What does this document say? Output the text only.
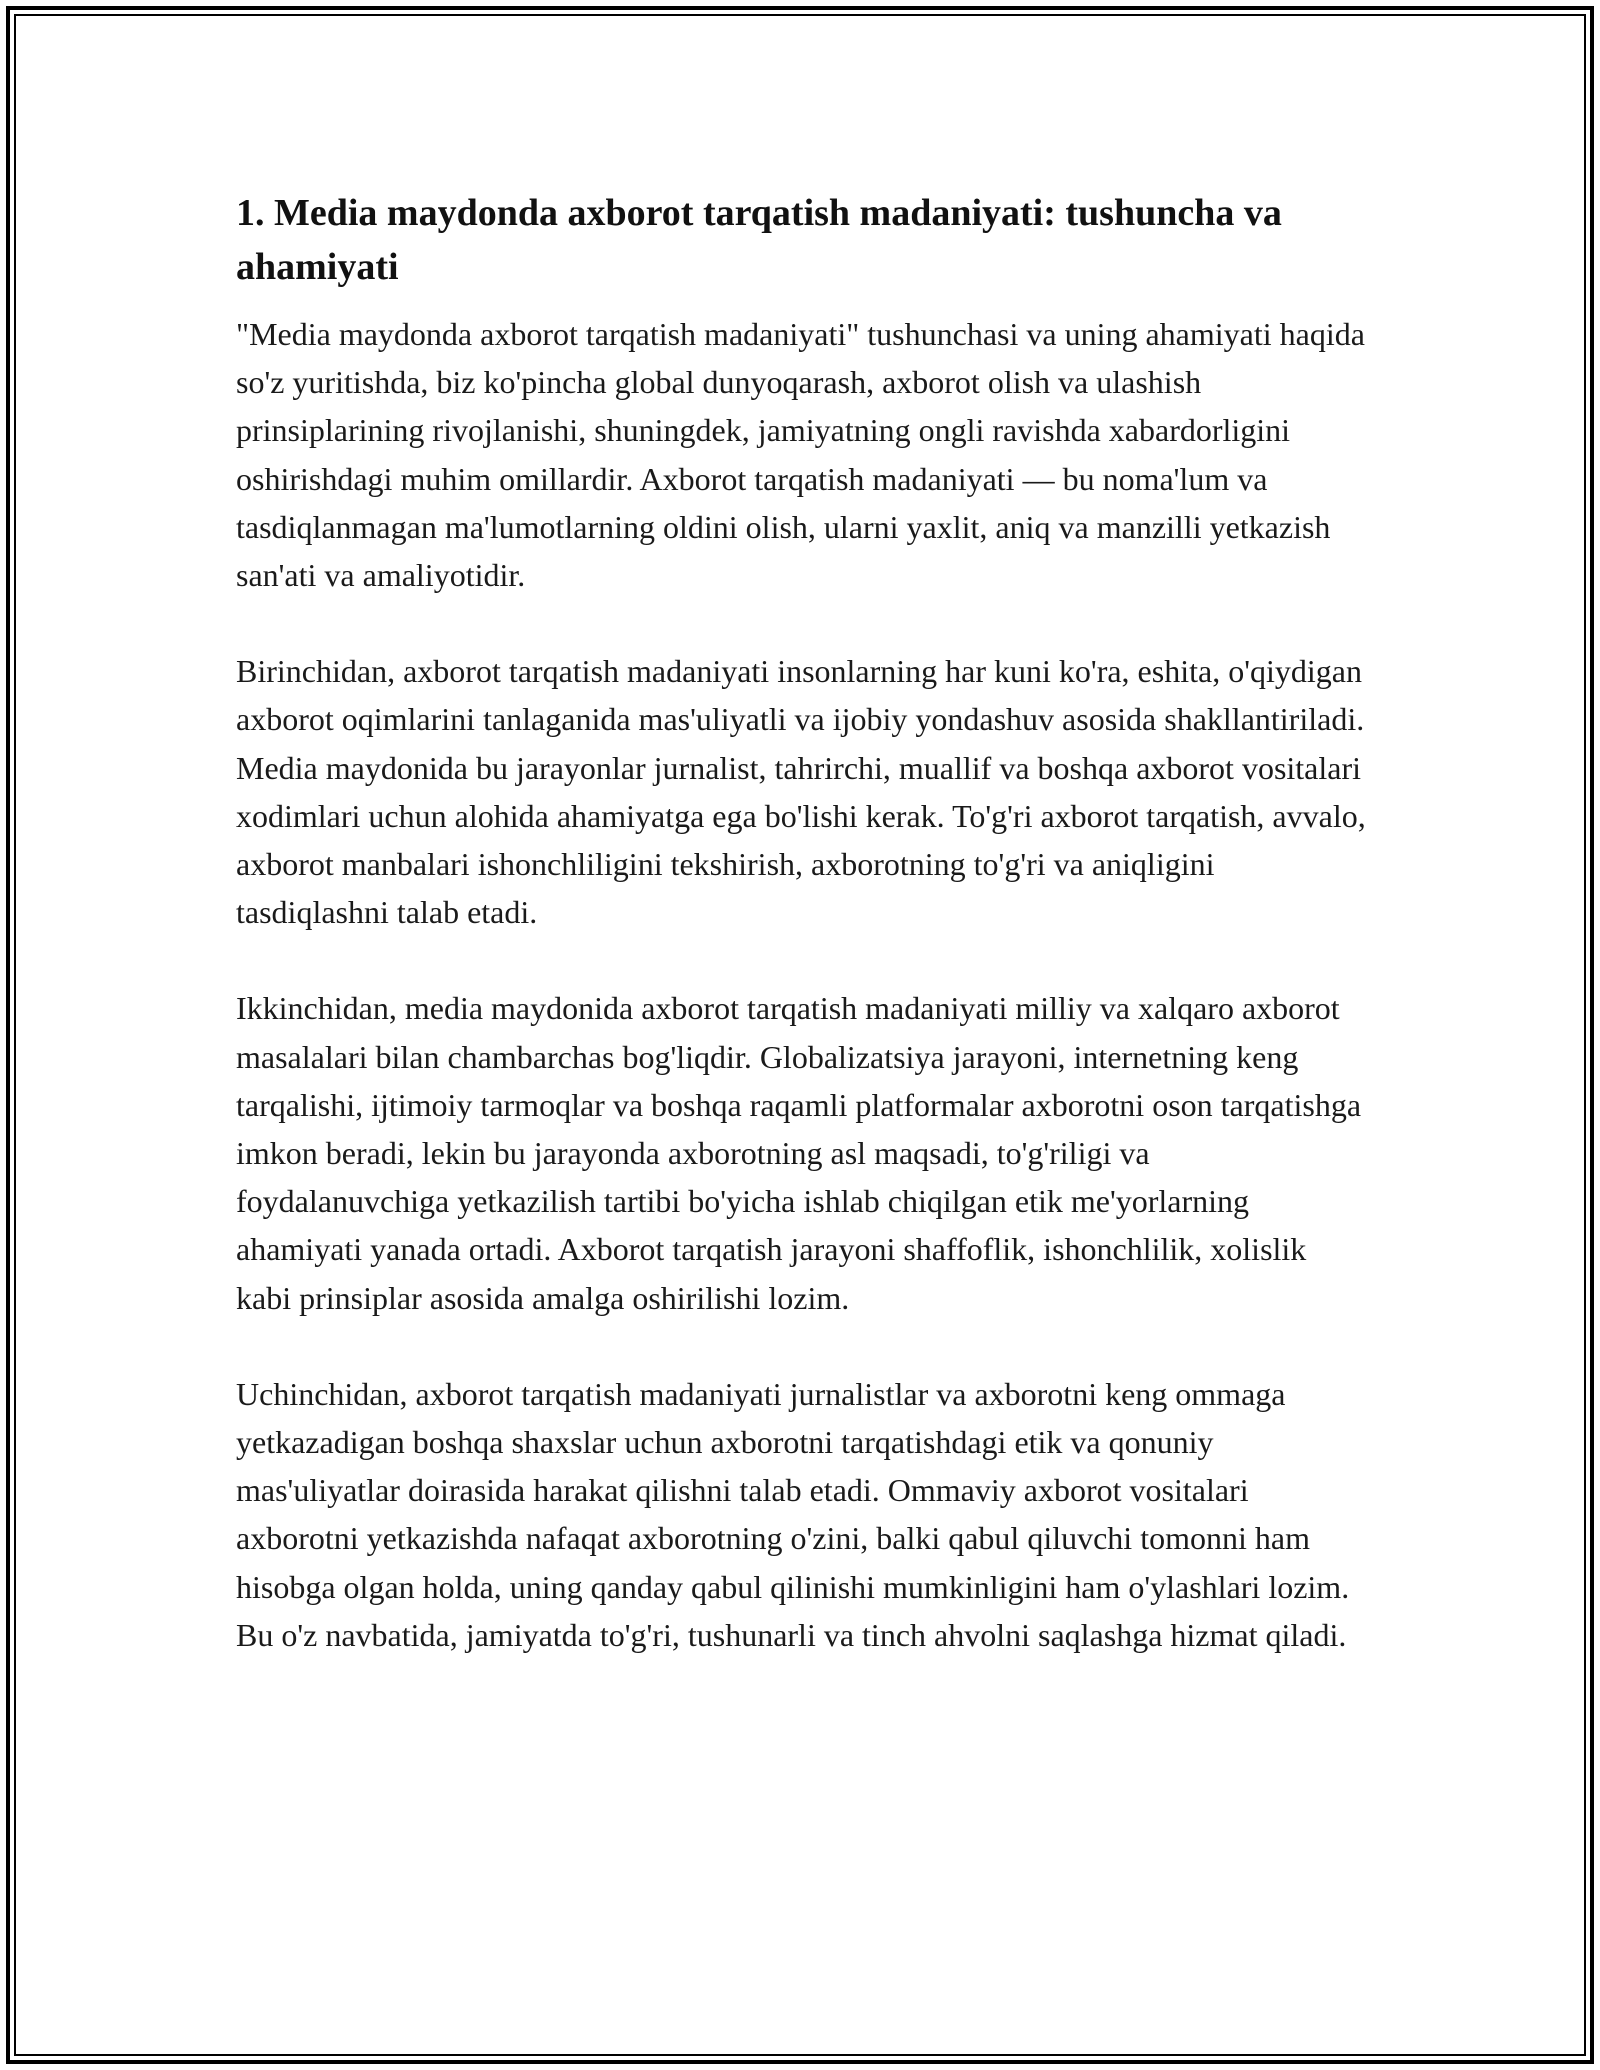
1. Media maydonda axborot tarqatish madaniyati: tushuncha va ahamiyati

"Media maydonda axborot tarqatish madaniyati" tushunchasi va uning ahamiyati haqida so'z yuritishda, biz ko'pincha global dunyoqarash, axborot olish va ulashish prinsiplarining rivojlanishi, shuningdek, jamiyatning ongli ravishda xabardorligini oshirishdagi muhim omillardir. Axborot tarqatish madaniyati — bu noma'lum va tasdiqlanmagan ma'lumotlarning oldini olish, ularni yaxlit, aniq va manzilli yetkazish san'ati va amaliyotidir.

Birinchidan, axborot tarqatish madaniyati insonlarning har kuni ko'ra, eshita, o'qiydigan axborot oqimlarini tanlaganida mas'uliyatli va ijobiy yondashuv asosida shakllantiriladi. Media maydonida bu jarayonlar jurnalist, tahrirchi, muallif va boshqa axborot vositalari xodimlari uchun alohida ahamiyatga ega bo'lishi kerak. To'g'ri axborot tarqatish, avvalo, axborot manbalari ishonchliligini tekshirish, axborotning to'g'ri va aniqligini tasdiqlashni talab etadi.

Ikkinchidan, media maydonida axborot tarqatish madaniyati milliy va xalqaro axborot masalalari bilan chambarchas bog'liqdir. Globalizatsiya jarayoni, internetning keng tarqalishi, ijtimoiy tarmoqlar va boshqa raqamli platformalar axborotni oson tarqatishga imkon beradi, lekin bu jarayonda axborotning asl maqsadi, to'g'riligi va foydalanuvchiga yetkazilish tartibi bo'yicha ishlab chiqilgan etik me'yorlarning ahamiyati yanada ortadi. Axborot tarqatish jarayoni shaffoflik, ishonchlilik, xolislik kabi prinsiplar asosida amalga oshirilishi lozim.

Uchinchidan, axborot tarqatish madaniyati jurnalistlar va axborotni keng ommaga yetkazadigan boshqa shaxslar uchun axborotni tarqatishdagi etik va qonuniy mas'uliyatlar doirasida harakat qilishni talab etadi. Ommaviy axborot vositalari axborotni yetkazishda nafaqat axborotning o'zini, balki qabul qiluvchi tomonni ham hisobga olgan holda, uning qanday qabul qilinishi mumkinligini ham o'ylashlari lozim. Bu o'z navbatida, jamiyatda to'g'ri, tushunarli va tinch ahvolni saqlashga hizmat qiladi.
